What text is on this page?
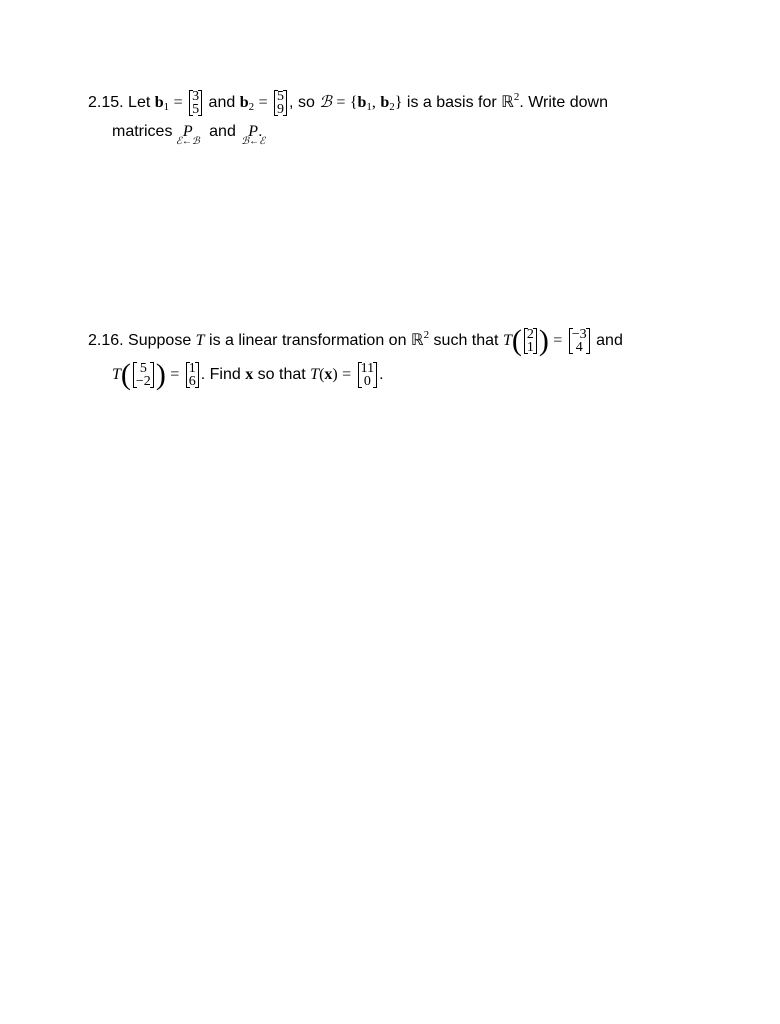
2.15. Let $b_1 = 3$
5 and $b_2 = 5$
9 , so ℬ = {$b_1$, $b_2$} is a basis for ℝ$^2$. Write down
matrices P
ℰ←ℬ
and P
ℬ←ℰ
.
2.16. Suppose T is a linear transformation on ℝ$^2$ such that T( 2
1 ) = −3
4 and
T( 5
−2 ) = 1
6 . Find x so that T(x) = 11
0 .
